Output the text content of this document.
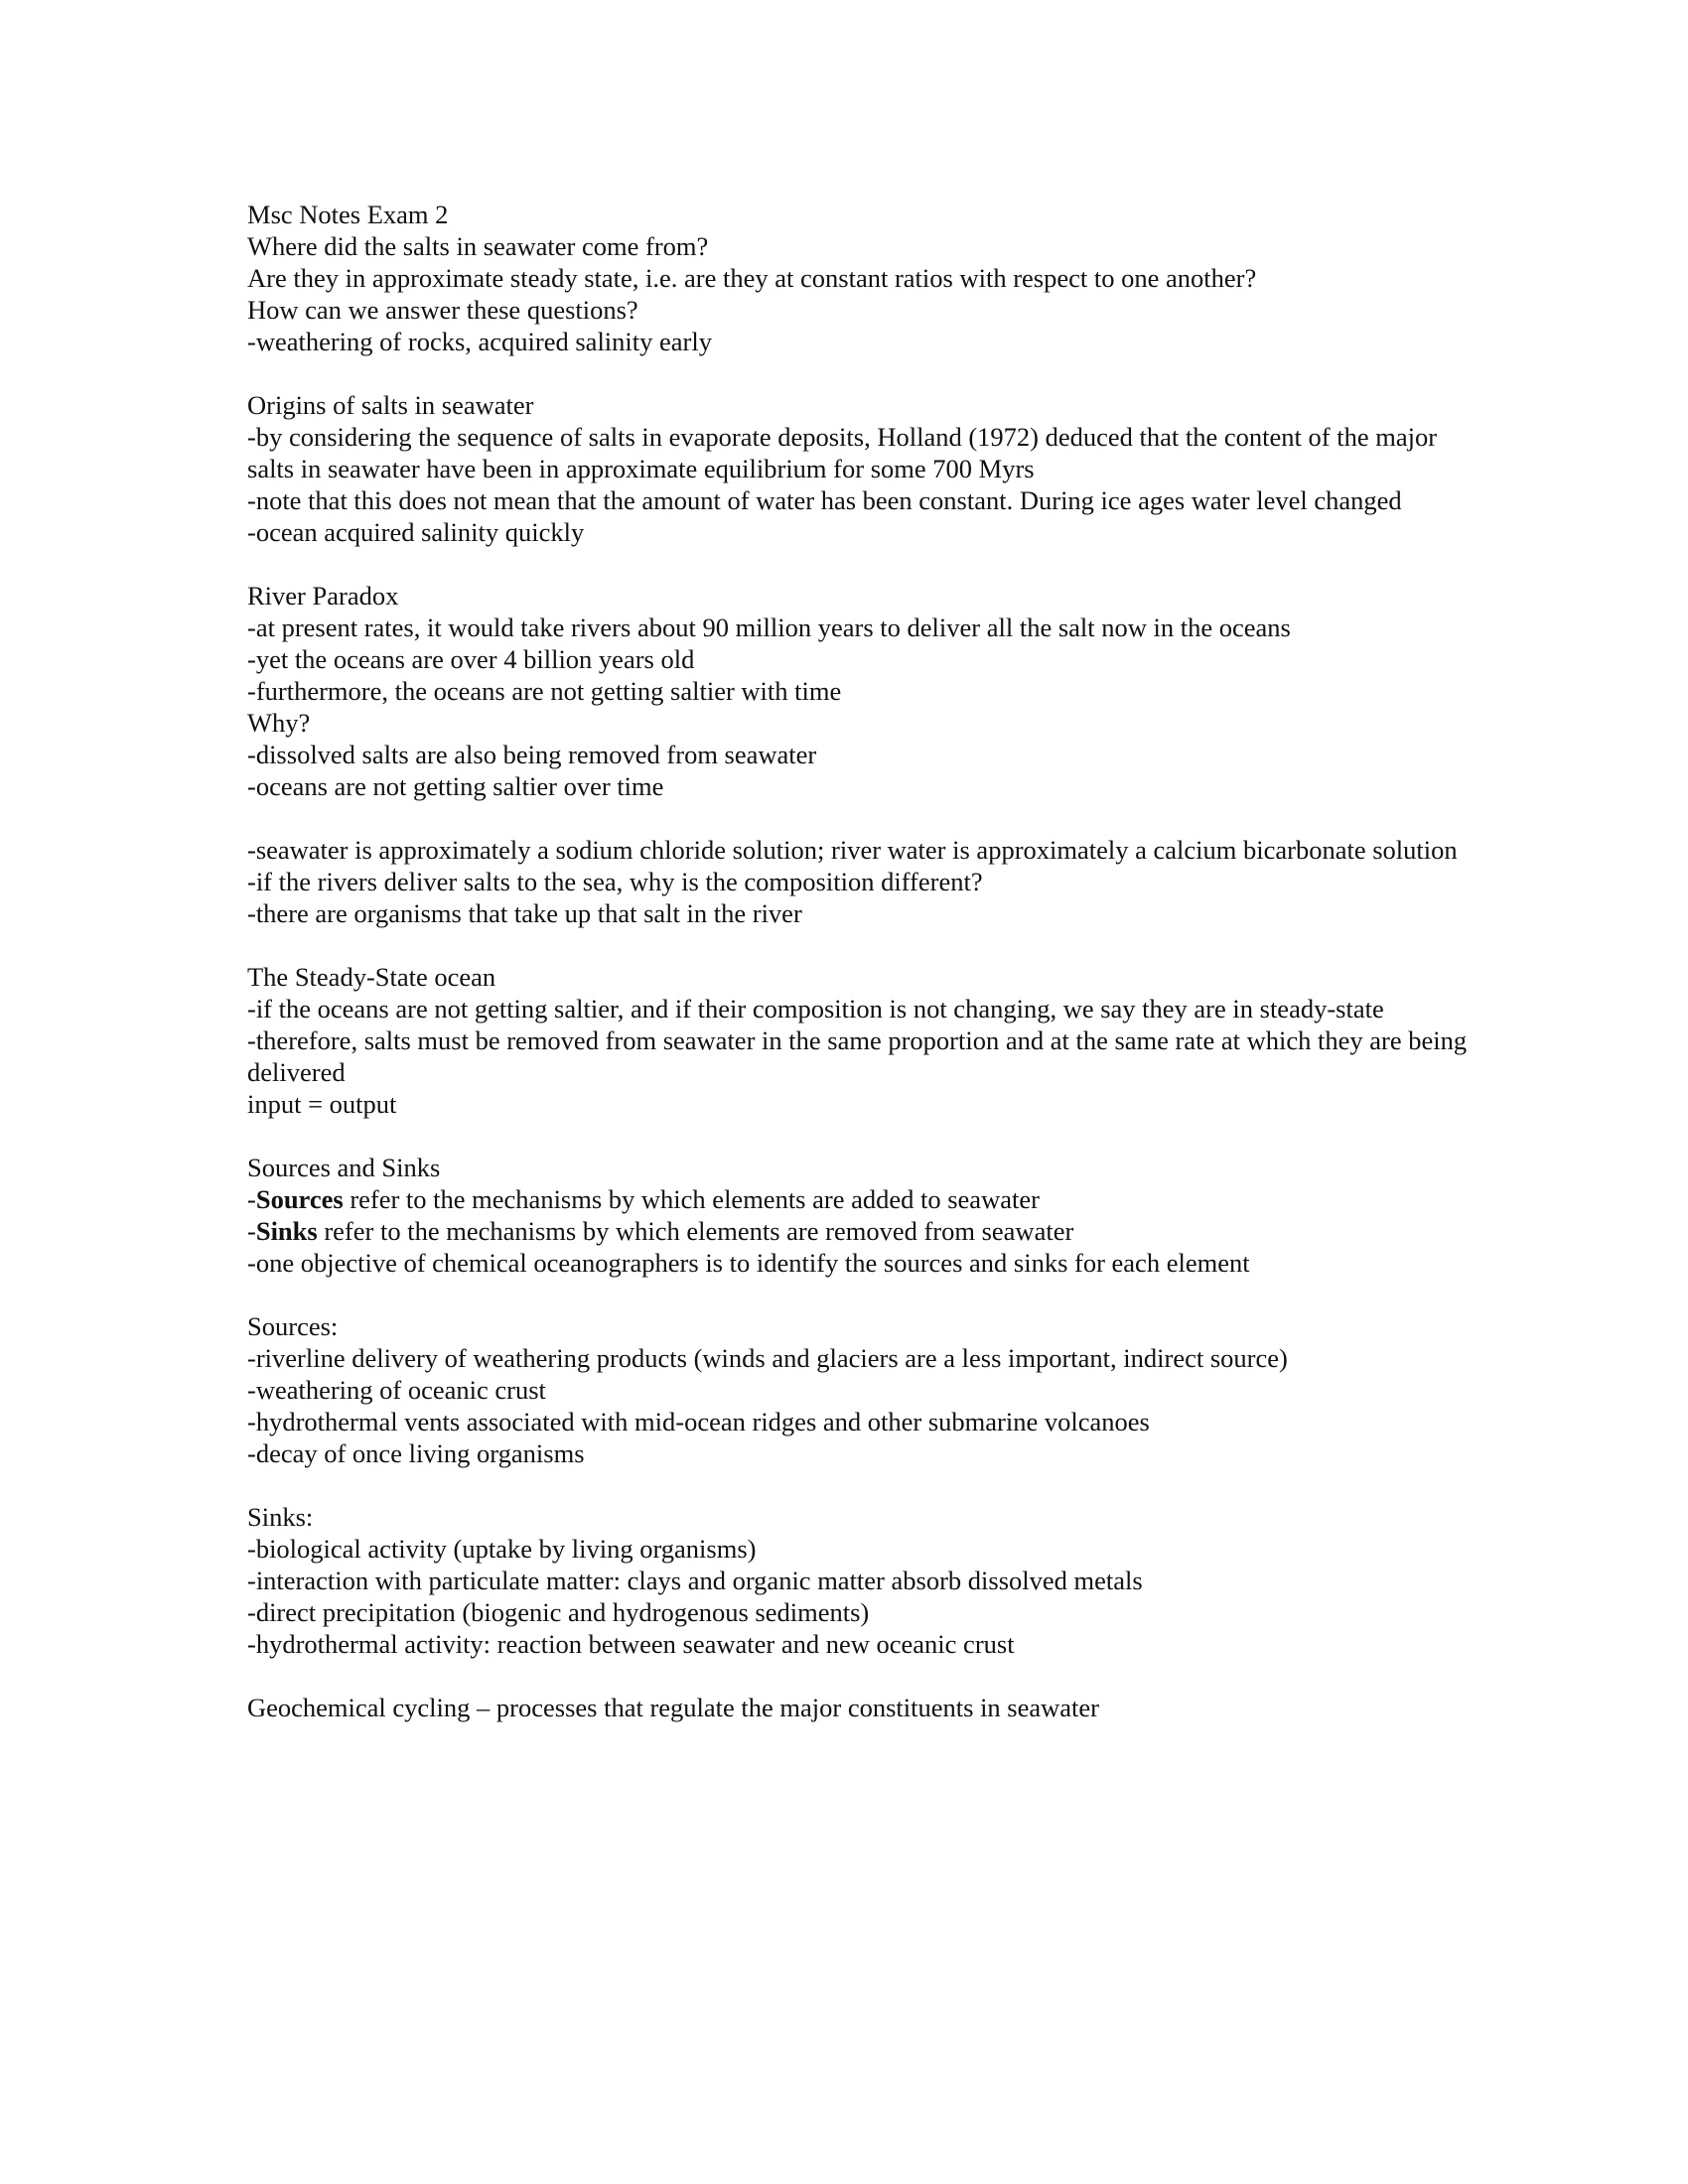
Msc Notes Exam 2
Where did the salts in seawater come from?
Are they in approximate steady state, i.e. are they at constant ratios with respect to one another?
How can we answer these questions?
-weathering of rocks, acquired salinity early
Origins of salts in seawater
-by considering the sequence of salts in evaporate deposits, Holland (1972) deduced that the content of the major salts in seawater have been in approximate equilibrium for some 700 Myrs
-note that this does not mean that the amount of water has been constant. During ice ages water level changed
-ocean acquired salinity quickly
River Paradox
-at present rates, it would take rivers about 90 million years to deliver all the salt now in the oceans
-yet the oceans are over 4 billion years old
-furthermore, the oceans are not getting saltier with time
Why?
-dissolved salts are also being removed from seawater
-oceans are not getting saltier over time
-seawater is approximately a sodium chloride solution; river water is approximately a calcium bicarbonate solution
-if the rivers deliver salts to the sea, why is the composition different?
-there are organisms that take up that salt in the river
The Steady-State ocean
-if the oceans are not getting saltier, and if their composition is not changing, we say they are in steady-state
-therefore, salts must be removed from seawater in the same proportion and at the same rate at which they are being delivered
input = output
Sources and Sinks
-Sources refer to the mechanisms by which elements are added to seawater
-Sinks refer to the mechanisms by which elements are removed from seawater
-one objective of chemical oceanographers is to identify the sources and sinks for each element
Sources:
-riverline delivery of weathering products (winds and glaciers are a less important, indirect source)
-weathering of oceanic crust
-hydrothermal vents associated with mid-ocean ridges and other submarine volcanoes
-decay of once living organisms
Sinks:
-biological activity (uptake by living organisms)
-interaction with particulate matter: clays and organic matter absorb dissolved metals
-direct precipitation (biogenic and hydrogenous sediments)
-hydrothermal activity: reaction between seawater and new oceanic crust
Geochemical cycling – processes that regulate the major constituents in seawater
